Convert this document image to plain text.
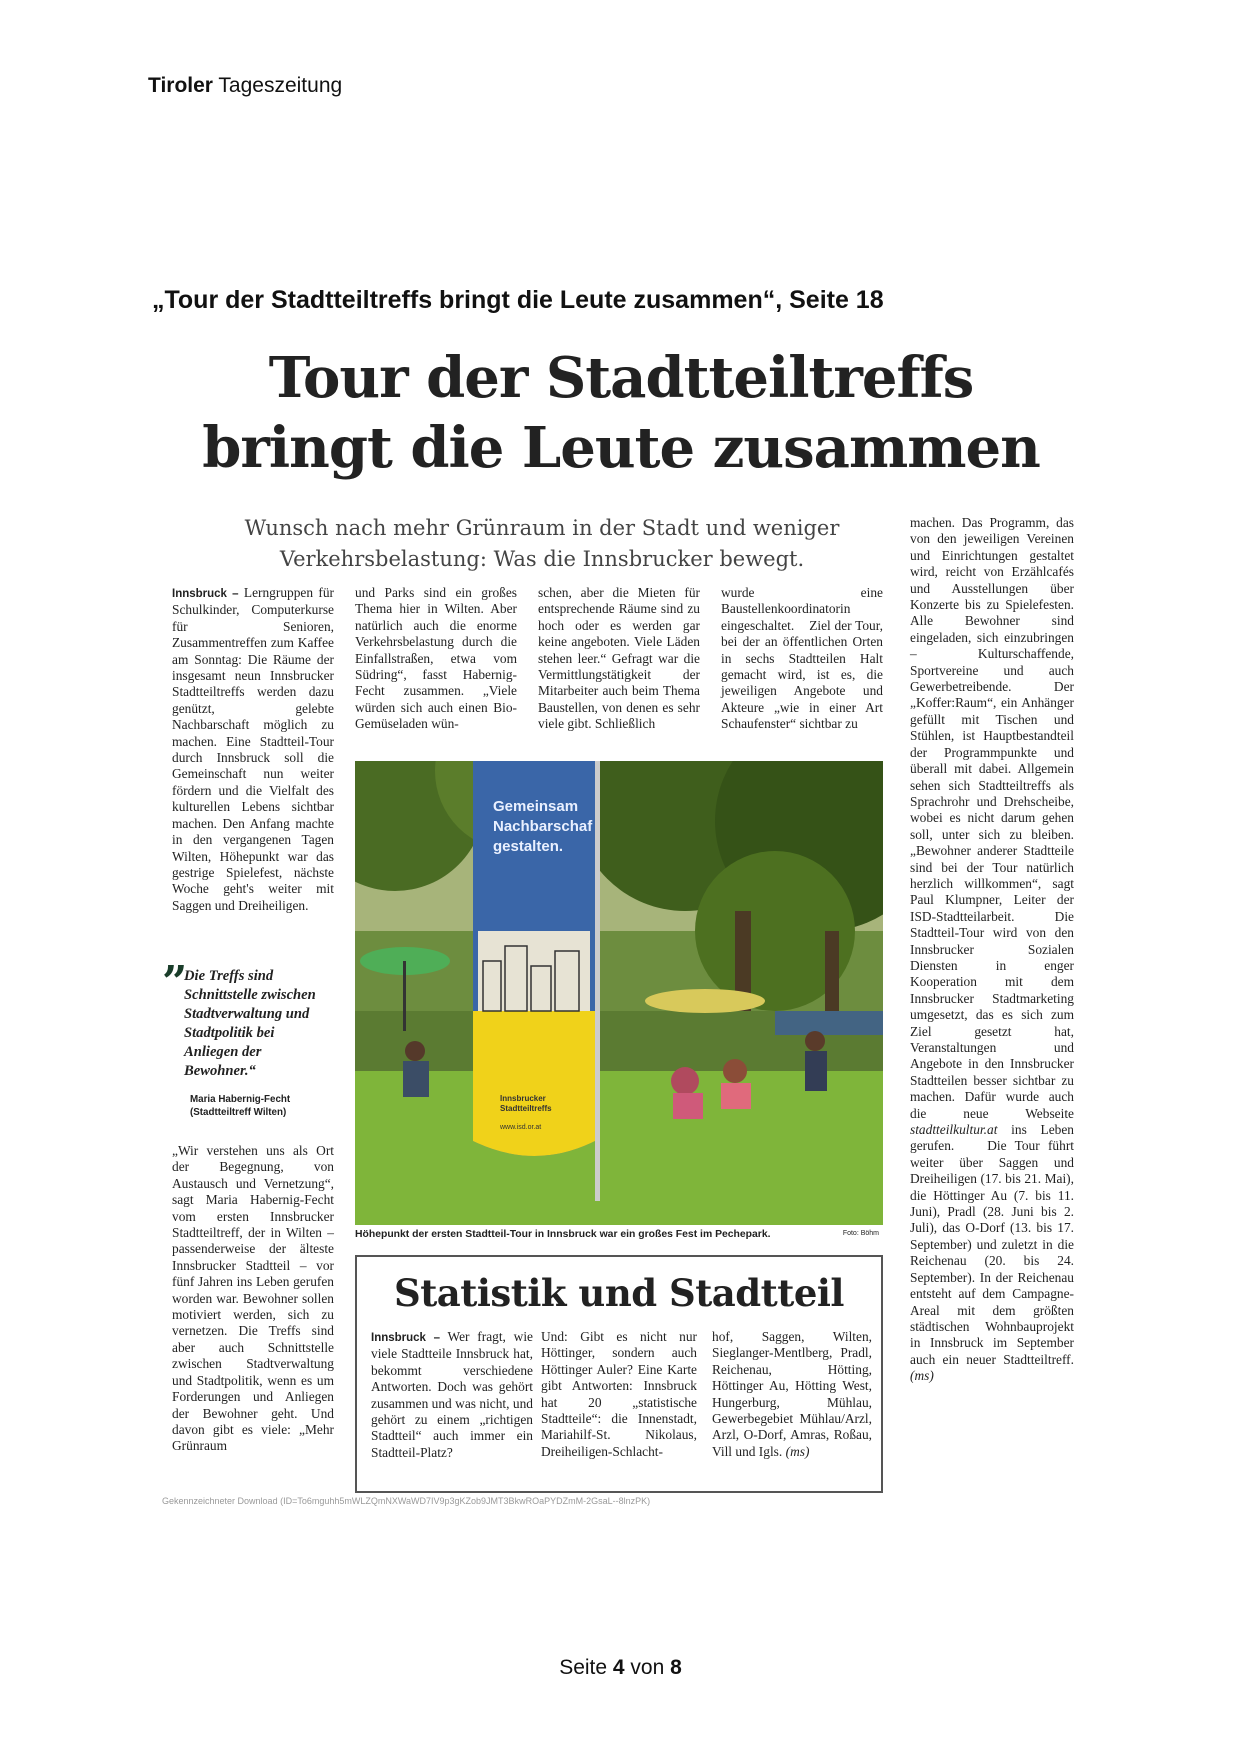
Tiroler Tageszeitung
„Tour der Stadtteiltreffs bringt die Leute zusammen“, Seite 18
Tour der Stadtteiltreffs
bringt die Leute zusammen
Wunsch nach mehr Grünraum in der Stadt und weniger
Verkehrsbelastung: Was die Innsbrucker bewegt.
Innsbruck – Lerngruppen für Schulkinder, Computerkurse für Senioren, Zusammentreffen zum Kaffee am Sonntag: Die Räume der insgesamt neun Innsbrucker Stadtteiltreffs werden dazu genützt, gelebte Nachbarschaft möglich zu machen. Eine Stadtteil-Tour durch Innsbruck soll die Gemeinschaft nun weiter fördern und die Vielfalt des kulturellen Lebens sichtbar machen. Den Anfang machte in den vergangenen Tagen Wilten, Höhepunkt war das gestrige Spielefest, nächste Woche geht's weiter mit Saggen und Dreiheiligen.
”
Die Treffs sind Schnittstelle zwischen Stadtverwaltung und Stadtpolitik bei Anliegen der Bewohner.“
Maria Habernig-Fecht
(Stadtteiltreff Wilten)
„Wir verstehen uns als Ort der Begegnung, von Austausch und Vernetzung“, sagt Maria Habernig-Fecht vom ersten Innsbrucker Stadtteiltreff, der in Wilten – passenderweise der älteste Innsbrucker Stadtteil – vor fünf Jahren ins Leben gerufen worden war. Bewohner sollen motiviert werden, sich zu vernetzen. Die Treffs sind aber auch Schnittstelle zwischen Stadtverwaltung und Stadtpolitik, wenn es um Forderungen und Anliegen der Bewohner geht. Und davon gibt es viele: „Mehr Grünraum
und Parks sind ein großes Thema hier in Wilten. Aber natürlich auch die enorme Verkehrsbelastung durch die Einfallstraßen, etwa vom Südring“, fasst Habernig-Fecht zusammen. „Viele würden sich auch einen Bio-Gemüseladen wün-
schen, aber die Mieten für entsprechende Räume sind zu hoch oder es werden gar keine angeboten. Viele Läden stehen leer.“ Gefragt war die Vermittlungstätigkeit der Mitarbeiter auch beim Thema Baustellen, von denen es sehr viele gibt. Schließlich
wurde eine Baustellenkoordinatorin eingeschaltet.    Ziel der Tour, bei der an öffentlichen Orten in sechs Stadtteilen Halt gemacht wird, ist es, die jeweiligen Angebote und Akteure „wie in einer Art Schaufenster“ sichtbar zu
machen. Das Programm, das von den jeweiligen Vereinen und Einrichtungen gestaltet wird, reicht von Erzählcafés und Ausstellungen über Konzerte bis zu Spielefesten. Alle Bewohner sind eingeladen, sich einzubringen – Kulturschaffende, Sportvereine und auch Gewerbetreibende. Der „Koffer:Raum“, ein Anhänger gefüllt mit Tischen und Stühlen, ist Hauptbestandteil der Programmpunkte und überall mit dabei. Allgemein sehen sich Stadtteiltreffs als Sprachrohr und Drehscheibe, wobei es nicht darum gehen soll, unter sich zu bleiben. „Bewohner anderer Stadtteile sind bei der Tour natürlich herzlich willkommen“, sagt Paul Klumpner, Leiter der ISD-Stadtteilarbeit.    Die Stadtteil-Tour wird von den Innsbrucker Sozialen Diensten in enger Kooperation mit dem Innsbrucker Stadtmarketing umgesetzt, das es sich zum Ziel gesetzt hat, Veranstaltungen und Angebote in den Innsbrucker Stadtteilen besser sichtbar zu machen. Dafür wurde auch die neue Webseite stadtteilkultur.at ins Leben gerufen.    Die Tour führt weiter über Saggen und Dreiheiligen (17. bis 21. Mai), die Höttinger Au (7. bis 11. Juni), Pradl (28. Juni bis 2. Juli), das O-Dorf (13. bis 17. September) und zuletzt in die Reichenau (20. bis 24. September). In der Reichenau entsteht auf dem Campagne-Areal mit dem größten städtischen Wohnbauprojekt in Innsbruck im September auch ein neuer Stadtteiltreff. (ms)
Gemeinsam
Nachbarschaf
gestalten.
Innsbrucker
Stadtteiltreffs
www.isd.or.at
Höhepunkt der ersten Stadtteil-Tour in Innsbruck war ein großes Fest im Pechepark.	Foto: Böhm
Statistik und Stadtteil
Innsbruck – Wer fragt, wie viele Stadtteile Innsbruck hat, bekommt verschiedene Antworten. Doch was gehört zusammen und was nicht, und gehört zu einem „richtigen Stadtteil“ auch immer ein Stadtteil-Platz?
Und: Gibt es nicht nur Höttinger, sondern auch Höttinger Auler? Eine Karte gibt Antworten: Innsbruck hat 20 „statistische Stadtteile“: die Innenstadt, Mariahilf-St. Nikolaus, Dreiheiligen-Schlacht-
hof, Saggen, Wilten, Sieglanger-Mentlberg, Pradl, Reichenau, Hötting, Höttinger Au, Hötting West, Hungerburg, Mühlau, Gewerbegebiet Mühlau/Arzl, Arzl, O-Dorf, Amras, Roßau, Vill und Igls. (ms)
Gekennzeichneter Download (ID=To6mguhh5mWLZQmNXWaWD7IV9p3gKZob9JMT3BkwROaPYDZmM-2GsaL--8lnzPK)
Seite 4 von 8
